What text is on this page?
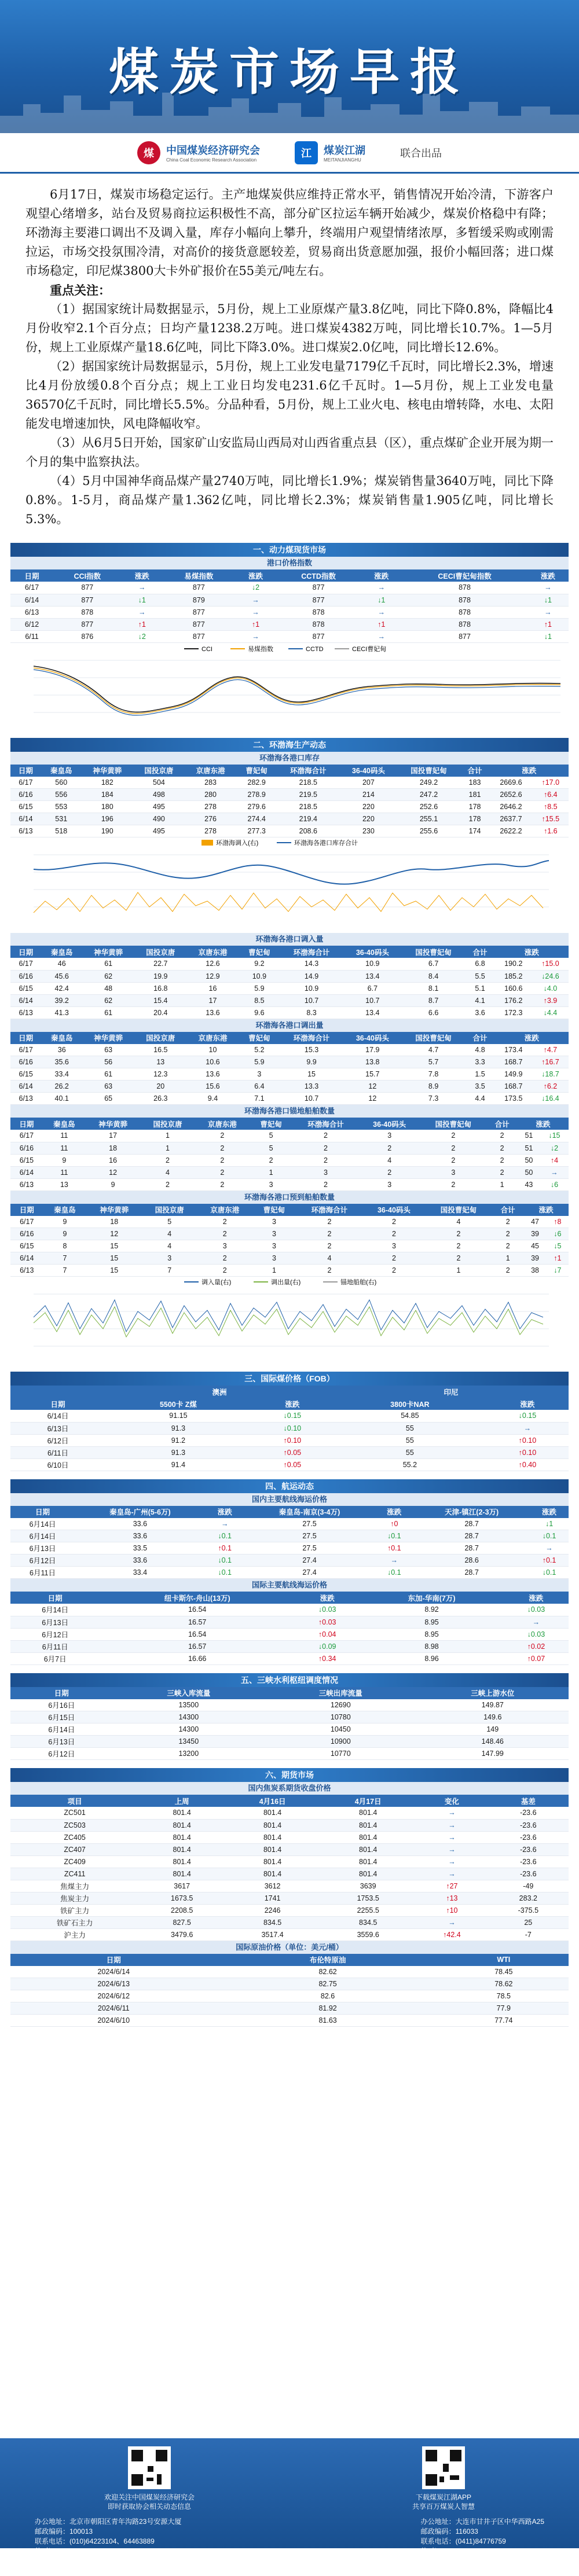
煤炭市场早报
煤	中国煤炭经济研究会
China Coal Economic Research Association
江	煤炭江湖
MEITANJIANGHU
联合出品

6月17日，煤炭市场稳定运行。主产地煤炭供应维持正常水平，销售情况开始冷清，下游客户观望心绪增多，站台及贸易商拉运积极性不高，部分矿区拉运车辆开始减少，煤炭价格稳中有降；环渤海主要港口调出不及调入量，库存小幅向上攀升，终端用户观望情绪浓厚，多暂缓采购或刚需拉运，市场交投氛围冷清，对高价的接货意愿较差，贸易商出货意愿加强，报价小幅回落；进口煤市场稳定，印尼煤3800大卡外矿报价在55美元/吨左右。

重点关注：

（1）据国家统计局数据显示，5月份，规上工业原煤产量3.8亿吨，同比下降0.8%，降幅比4月份收窄2.1个百分点；日均产量1238.2万吨。进口煤炭4382万吨，同比增长10.7%。1—5月份，规上工业原煤产量18.6亿吨，同比下降3.0%。进口煤炭2.0亿吨，同比增长12.6%。

（2）据国家统计局数据显示，5月份，规上工业发电量7179亿千瓦时，同比增长2.3%，增速比4月份放缓0.8个百分点；规上工业日均发电231.6亿千瓦时。1—5月份，规上工业发电量36570亿千瓦时，同比增长5.5%。分品种看，5月份，规上工业火电、核电由增转降，水电、太阳能发电增速加快，风电降幅收窄。

（3）从6月5日开始，国家矿山安监局山西局对山西省重点县（区），重点煤矿企业开展为期一个月的集中监察执法。

（4）5月中国神华商品煤产量2740万吨，同比增长1.9%；煤炭销售量3640万吨，同比下降0.8%。1-5月，商品煤产量1.362亿吨，同比增长2.3%；煤炭销售量1.905亿吨，同比增长5.3%。

一、动力煤现货市场
港口价格指数
日期	CCI指数	涨跌	易煤指数	涨跌	CCTD指数	涨跌	CECI曹妃甸指数	涨跌
6/17	877	→	877	↓2	877	→	878	→
6/14	877	↓1	879	→	877	↓1	878	↓1
6/13	878	→	877	→	878	→	878	→
6/12	877	↑1	877	↑1	878	↑1	878	↑1
6/11	876	↓2	877	→	877	→	877	↓1
CCI	易煤指数	CCTD	CECI曹妃甸
二、环渤海生产动态
环渤海各港口库存
日期	秦皇岛	神华黄骅	国投京唐	京唐东港	曹妃甸	环渤海合计	36-40码头	国投曹妃甸	合计	涨跌	
6/17	560	182	504	283	282.9	218.5	207	249.2	183	2669.6	↑17.0
6/16	556	184	498	280	278.9	219.5	214	247.2	181	2652.6	↑6.4
6/15	553	180	495	278	279.6	218.5	220	252.6	178	2646.2	↑8.5
6/14	531	196	490	276	274.4	219.4	220	255.1	178	2637.7	↑15.5
6/13	518	190	495	278	277.3	208.6	230	255.6	174	2622.2	↑1.6
环渤海调入(右)	环渤海各港口库存合计
环渤海各港口调入量
日期	秦皇岛	神华黄骅	国投京唐	京唐东港	曹妃甸	环渤海合计	36-40码头	国投曹妃甸	合计	涨跌	
6/17	46	61	22.7	12.6	9.2	14.3	10.9	6.7	6.8	190.2	↑15.0
6/16	45.6	62	19.9	12.9	10.9	14.9	13.4	8.4	5.5	185.2	↓24.6
6/15	42.4	48	16.8	16	5.9	10.9	6.7	8.1	5.1	160.6	↓4.0
6/14	39.2	62	15.4	17	8.5	10.7	10.7	8.7	4.1	176.2	↑3.9
6/13	41.3	61	20.4	13.6	9.6	8.3	13.4	6.6	3.6	172.3	↓4.4
环渤海各港口调出量
日期	秦皇岛	神华黄骅	国投京唐	京唐东港	曹妃甸	环渤海合计	36-40码头	国投曹妃甸	合计	涨跌	
6/17	36	63	16.5	10	5.2	15.3	17.9	4.7	4.8	173.4	↑4.7
6/16	35.6	56	13	10.6	5.9	9.9	13.8	5.7	3.3	168.7	↑16.7
6/15	33.4	61	12.3	13.6	3	15	15.7	7.8	1.5	149.9	↓18.7
6/14	26.2	63	20	15.6	6.4	13.3	12	8.9	3.5	168.7	↑6.2
6/13	40.1	65	26.3	9.4	7.1	10.7	12	7.3	4.4	173.5	↓16.4
环渤海各港口锚地船舶数量
日期	秦皇岛	神华黄骅	国投京唐	京唐东港	曹妃甸	环渤海合计	36-40码头	国投曹妃甸	合计	涨跌	
6/17	11	17	1	2	5	2	3	2	2	51	↓15
6/16	11	18	1	2	5	2	2	2	2	51	↓2
6/15	9	16	2	2	2	2	4	2	2	50	↑4
6/14	11	12	4	2	1	3	2	3	2	50	→
6/13	13	9	2	2	3	2	3	2	1	43	↓6
环渤海各港口预到船舶数量
日期	秦皇岛	神华黄骅	国投京唐	京唐东港	曹妃甸	环渤海合计	36-40码头	国投曹妃甸	合计	涨跌	
6/17	9	18	5	2	3	2	2	4	2	47	↑8
6/16	9	12	4	2	3	2	2	2	2	39	↓6
6/15	8	15	4	3	3	2	3	2	2	45	↓5
6/14	7	15	3	2	3	4	2	2	1	39	↑1
6/13	7	15	7	2	1	2	2	1	2	38	↓7
调入量(右)	调出量(右)	锚地船舶(右)
三、国际煤价格（FOB）
	澳洲		印尼	
日期	5500卡 Z煤	涨跌	3800卡NAR	涨跌
6/14日	91.15	↓0.15	54.85	↓0.15
6/13日	91.3	↓0.10	55	→
6/12日	91.2	↑0.10	55	↑0.10
6/11日	91.3	↑0.05	55	↑0.10
6/10日	91.4	↑0.05	55.2	↑0.40
四、航运动态
国内主要航线海运价格
日期	秦皇岛-广州(5-6万)	涨跌	秦皇岛-南京(3-4万)	涨跌	天津-镇江(2-3万)	涨跌
6月14日	33.6	→	27.5	↑0	28.7	↓1
6月14日	33.6	↓0.1	27.5	↓0.1	28.7	↓0.1
6月13日	33.5	↑0.1	27.5	↑0.1	28.7	→
6月12日	33.6	↓0.1	27.4	→	28.6	↑0.1
6月11日	33.4	↓0.1	27.4	↓0.1	28.7	↓0.1
国际主要航线海运价格
日期	纽卡斯尔-舟山(13万)	涨跌	东加-华南(7万)	涨跌
6月14日	16.54	↓0.03	8.92	↓0.03
6月13日	16.57	↑0.03	8.95	→
6月12日	16.54	↑0.04	8.95	↓0.03
6月11日	16.57	↓0.09	8.98	↑0.02
6月7日	16.66	↑0.34	8.96	↑0.07
五、三峡水利枢纽调度情况
日期	三峡入库流量	三峡出库流量	三峡上游水位
6月16日	13500	12690	149.87
6月15日	14300	10780	149.6
6月14日	14300	10450	149
6月13日	13450	10900	148.46
6月12日	13200	10770	147.99
六、期货市场
国内焦炭系期货收盘价格
项目	上周	4月16日	4月17日	变化	基差
ZC501	801.4	801.4	801.4	→	-23.6
ZC503	801.4	801.4	801.4	→	-23.6
ZC405	801.4	801.4	801.4	→	-23.6
ZC407	801.4	801.4	801.4	→	-23.6
ZC409	801.4	801.4	801.4	→	-23.6
ZC411	801.4	801.4	801.4	→	-23.6
焦煤主力	3617	3612	3639	↑27	-49
焦炭主力	1673.5	1741	1753.5	↑13	283.2
铁矿主力	2208.5	2246	2255.5	↑10	-375.5
铁矿石主力	827.5	834.5	834.5	→	25
沪主力	3479.6	3517.4	3559.6	↑42.4	-7
国际原油价格（单位：美元/桶）
日期	布伦特原油	WTI
2024/6/14	82.62	78.45
2024/6/13	82.75	78.62
2024/6/12	82.6	78.5
2024/6/11	81.92	77.9
2024/6/10	81.63	77.74
欢迎关注中国煤炭经济研究会
即时获取协会相关动态信息
下载煤炭江湖APP
共享百万煤炭人智慧
办公地址：北京市朝阳区青年沟路23号安源大厦
邮政编码：100013
联系电话：(010)64223104、64463889
传 真：(010)64223104
电子邮箱：mjh@ccera.com.cn
网 址：www.ccera.com.cn
办公地址：大连市甘井子区中华西路A25
邮政编码：116033
联系电话：(0411)84776759
传 真：(0411)84776759
电子邮箱：mjh@meitanjianghu.com
网 址：www.meitanjianghu.com
